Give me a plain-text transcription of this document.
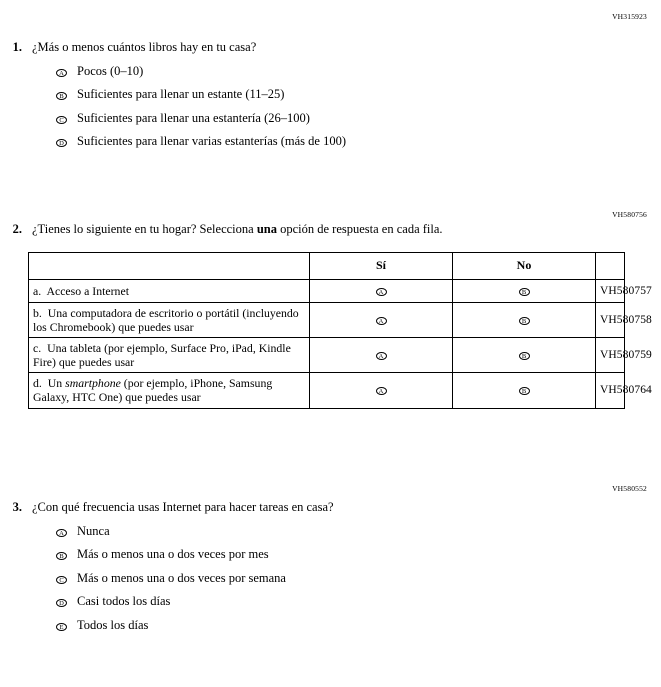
VH315923
1. ¿Más o menos cuántos libros hay en tu casa?
A	Pocos (0–10)
B	Suficientes para llenar un estante (11–25)
C	Suficientes para llenar una estantería (26–100)
D	Suficientes para llenar varias estanterías (más de 100)
VH580756
2. ¿Tienes lo siguiente en tu hogar? Selecciona una opción de respuesta en cada fila.
	Sí	No	

a. Acceso a Internet	A	B	VH580757

b. Una computadora de escritorio o portátil (incluyendo los Chromebook) que puedes usar	A	B	VH580758

c. Una tableta (por ejemplo, Surface Pro, iPad, Kindle Fire) que puedes usar	A	B	VH580759

d. Un smartphone (por ejemplo, iPhone, Samsung Galaxy, HTC One) que puedes usar	A	B	VH580764
VH580552
3. ¿Con qué frecuencia usas Internet para hacer tareas en casa?
A	Nunca
B	Más o menos una o dos veces por mes
C	Más o menos una o dos veces por semana
D	Casi todos los días
E	Todos los días
